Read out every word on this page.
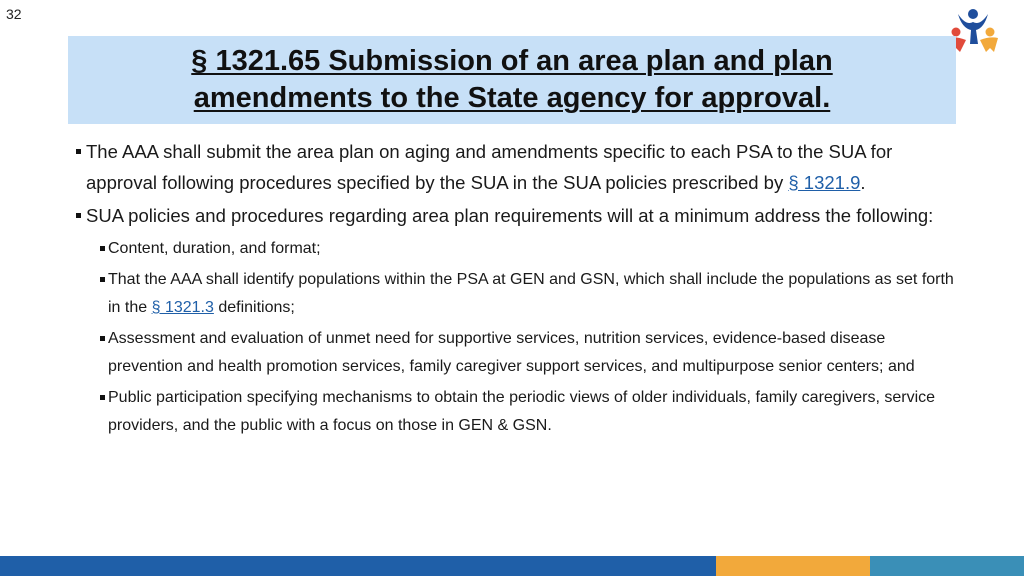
32
§ 1321.65 Submission of an area plan and plan
amendments to the State agency for approval.
The AAA shall submit the area plan on aging and amendments specific to each PSA to the SUA for approval following procedures specified by the SUA in the SUA policies prescribed by § 1321.9.
SUA policies and procedures regarding area plan requirements will at a minimum address the following:
Content, duration, and format;
That the AAA shall identify populations within the PSA at GEN and GSN, which shall include the populations as set forth in the § 1321.3 definitions;
Assessment and evaluation of unmet need for supportive services, nutrition services, evidence-based disease prevention and health promotion services, family caregiver support services, and multipurpose senior centers; and
Public participation specifying mechanisms to obtain the periodic views of older individuals, family caregivers, service providers, and the public with a focus on those in GEN & GSN.
